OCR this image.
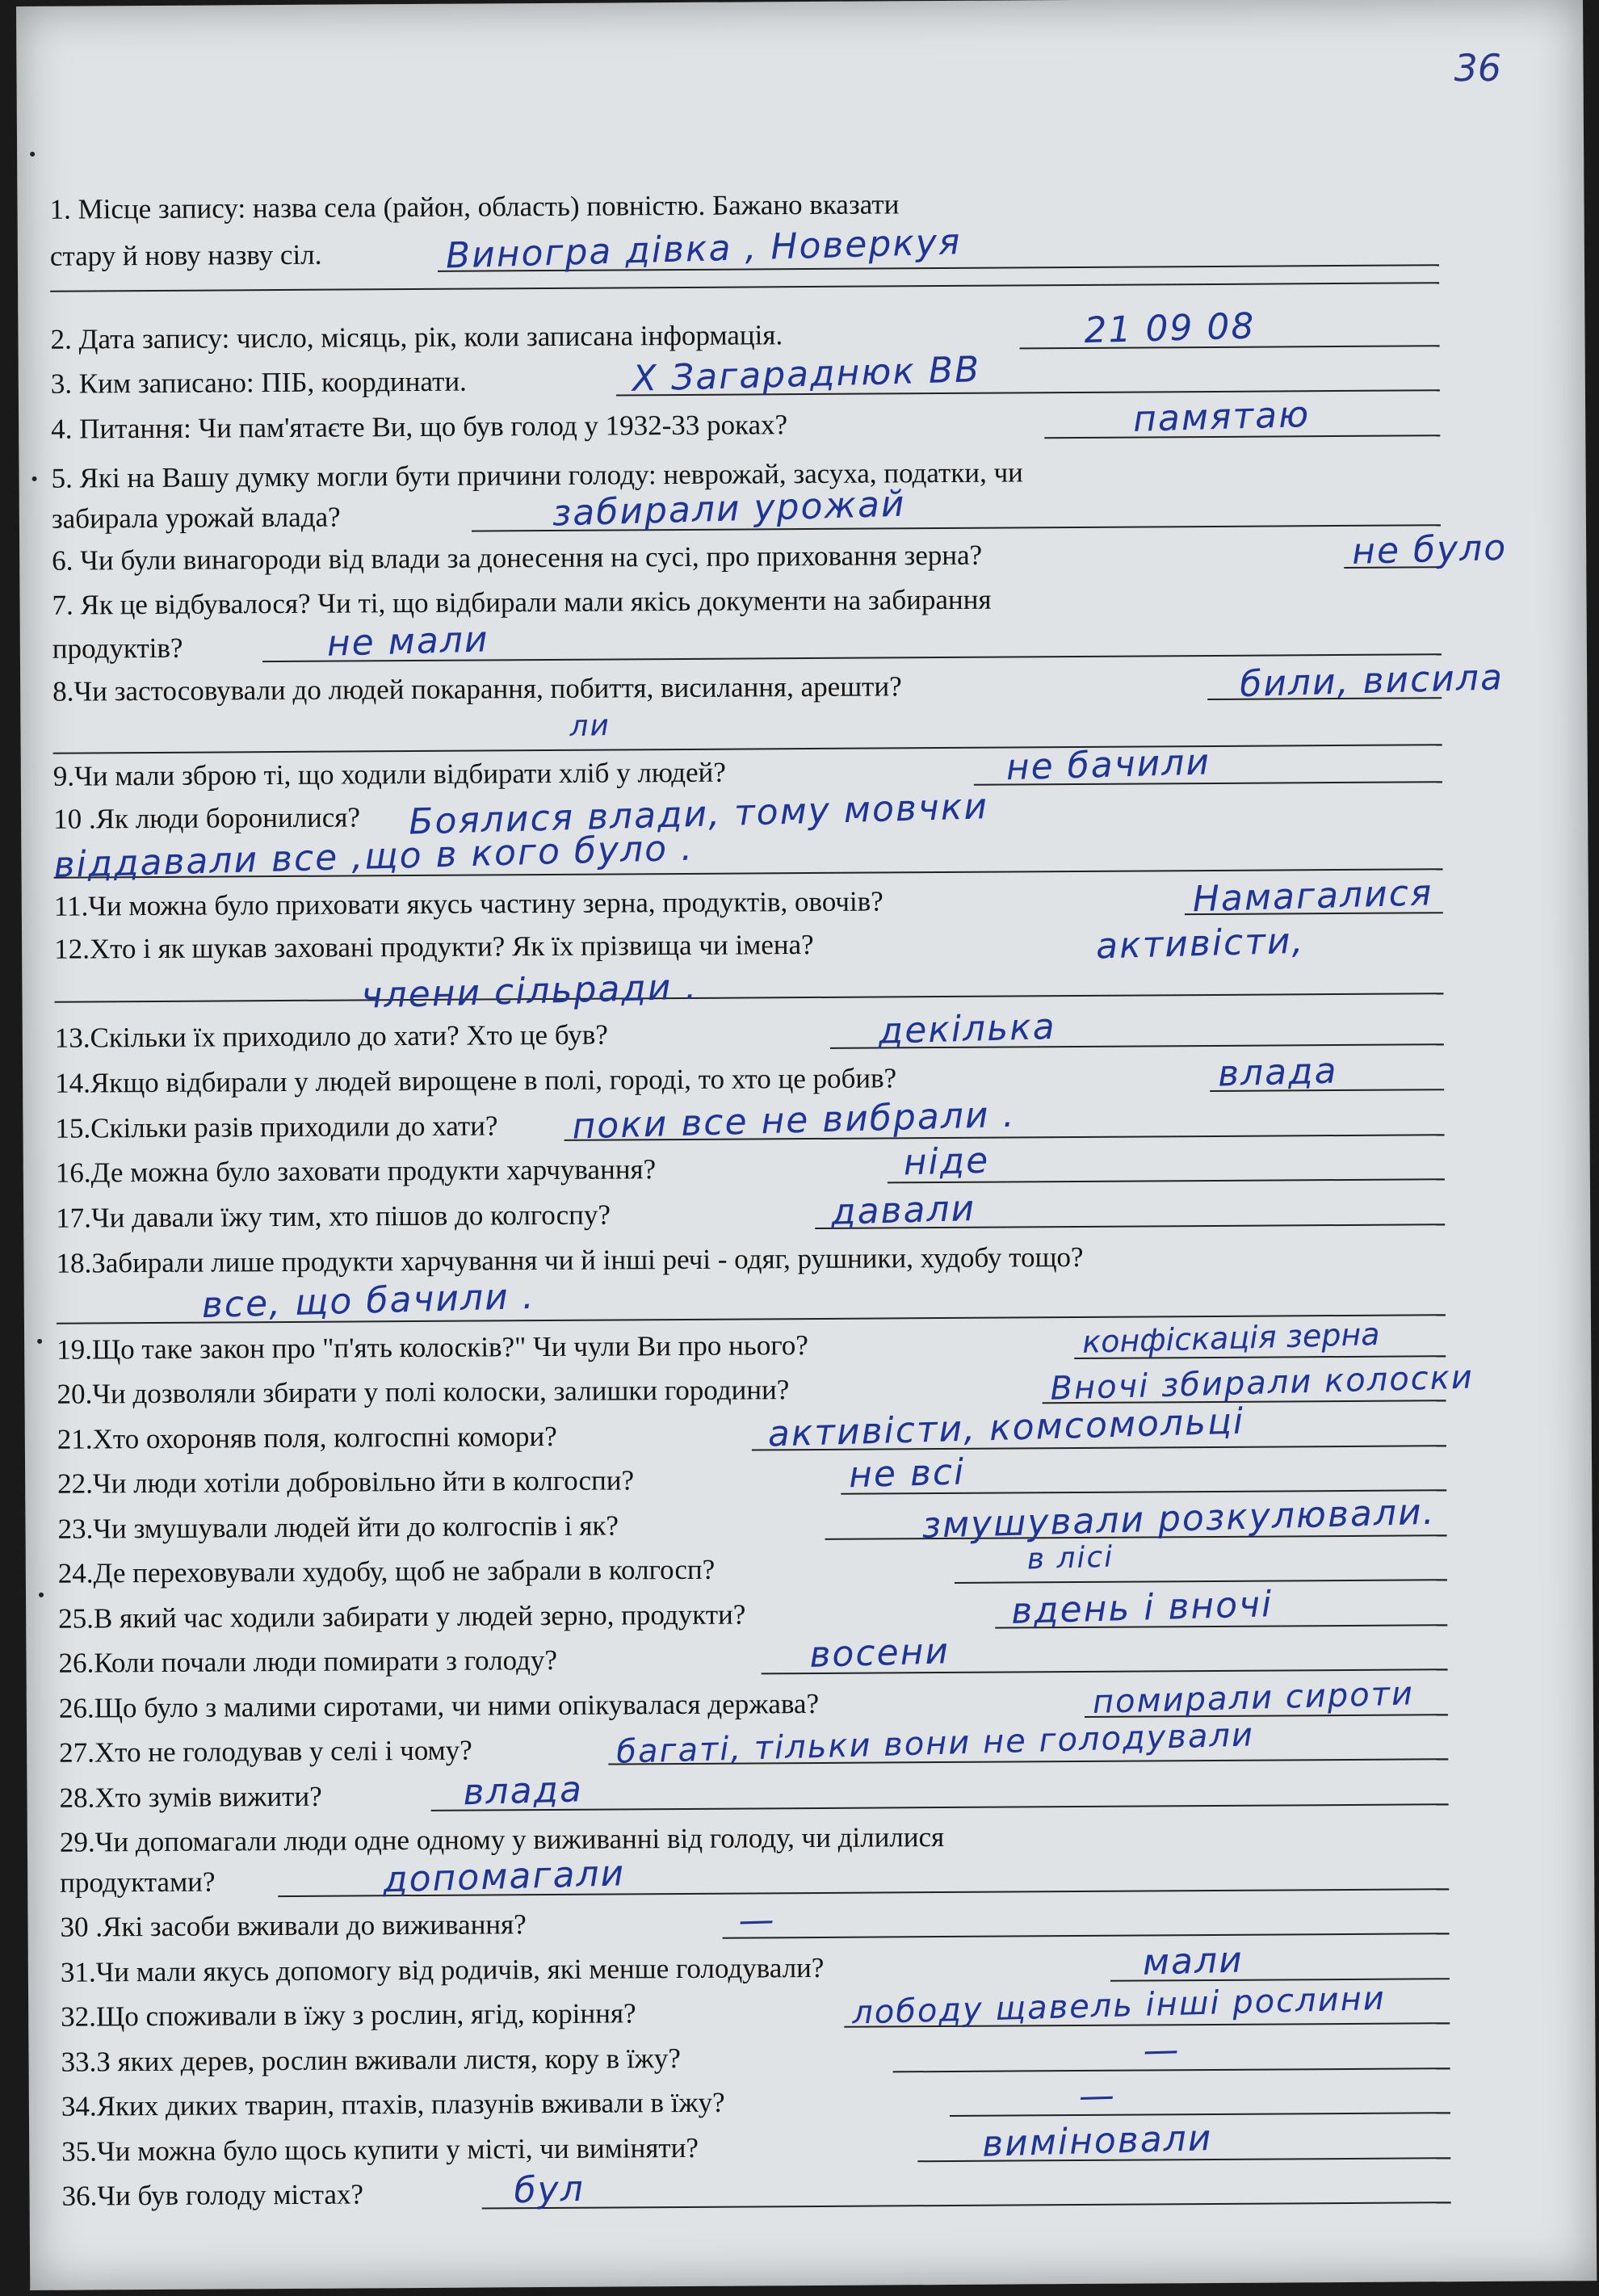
36
1. Місце запису: назва села (район, область) повністю. Бажано вказати
стару й нову назву сіл.
2. Дата запису: число, місяць, рік, коли записана інформація.
3. Ким записано: ПІБ, координати.
4. Питання: Чи пам'ятаєте Ви, що був голод у 1932-33 роках?
5. Які на Вашу думку могли бути причини голоду: неврожай, засуха, податки, чи
забирала урожай влада?
6. Чи були винагороди від влади за донесення на сусі, про приховання зерна?
7. Як це відбувалося? Чи ті, що відбирали мали якісь документи на забирання
продуктів?
8.Чи застосовували до людей покарання, побиття, висилання, арешти?
9.Чи мали зброю ті, що ходили відбирати хліб у людей?
10 .Як люди боронилися?
11.Чи можна було приховати якусь частину зерна, продуктів, овочів?
12.Хто і як шукав заховані продукти? Як їх прізвища чи імена?
13.Скільки їх приходило до хати? Хто це був?
14.Якщо відбирали у людей вирощене в полі, городі, то хто це робив?
15.Скільки разів приходили до хати?
16.Де можна було заховати продукти харчування?
17.Чи давали їжу тим, хто пішов до колгоспу?
18.Забирали лише продукти харчування чи й інші речі - одяг, рушники, худобу тощо?
19.Що таке закон про "п'ять колосків?" Чи чули Ви про нього?
20.Чи дозволяли збирати у полі колоски, залишки городини?
21.Хто охороняв поля, колгоспні комори?
22.Чи люди хотіли добровільно йти в колгоспи?
23.Чи змушували людей йти до колгоспів і як?
24.Де переховували худобу, щоб не забрали в колгосп?
25.В який час ходили забирати у людей зерно, продукти?
26.Коли почали люди помирати з голоду?
26.Що було з малими сиротами, чи ними опікувалася держава?
27.Хто не голодував у селі і чому?
28.Хто зумів вижити?
29.Чи допомагали люди одне одному у виживанні від голоду, чи ділилися
продуктами?
30 .Які засоби вживали до виживання?
31.Чи мали якусь допомогу від родичів, які менше голодували?
32.Що споживали в їжу з рослин, ягід, коріння?
33.З яких дерев, рослин вживали листя, кору в їжу?
34.Яких диких тварин, птахів, плазунів вживали в їжу?
35.Чи можна було щось купити у місті, чи виміняти?
36.Чи був голоду містах?
Виногра дівка , Новеркуя
21 09 08
Х Загараднюк ВВ
памятаю
забирали урожай
не було
не мали
били, висила
ли
не бачили
Боялися влади, тому мовчки
віддавали все ,що в кого було .
Намагалися
активісти,
члени сільради .
декілька
влада
поки все не вибрали .
ніде
давали
все, що бачили .
конфіскація зерна
Вночі збирали колоски
активісти, комсомольці
не всі
змушували розкулювали.
в лісі
вдень і вночі
восени
помирали сироти
багаті, тільки вони не голодували
влада
допомагали
—
мали
лободу щавель інші рослини
—
—
виміновали
бул
